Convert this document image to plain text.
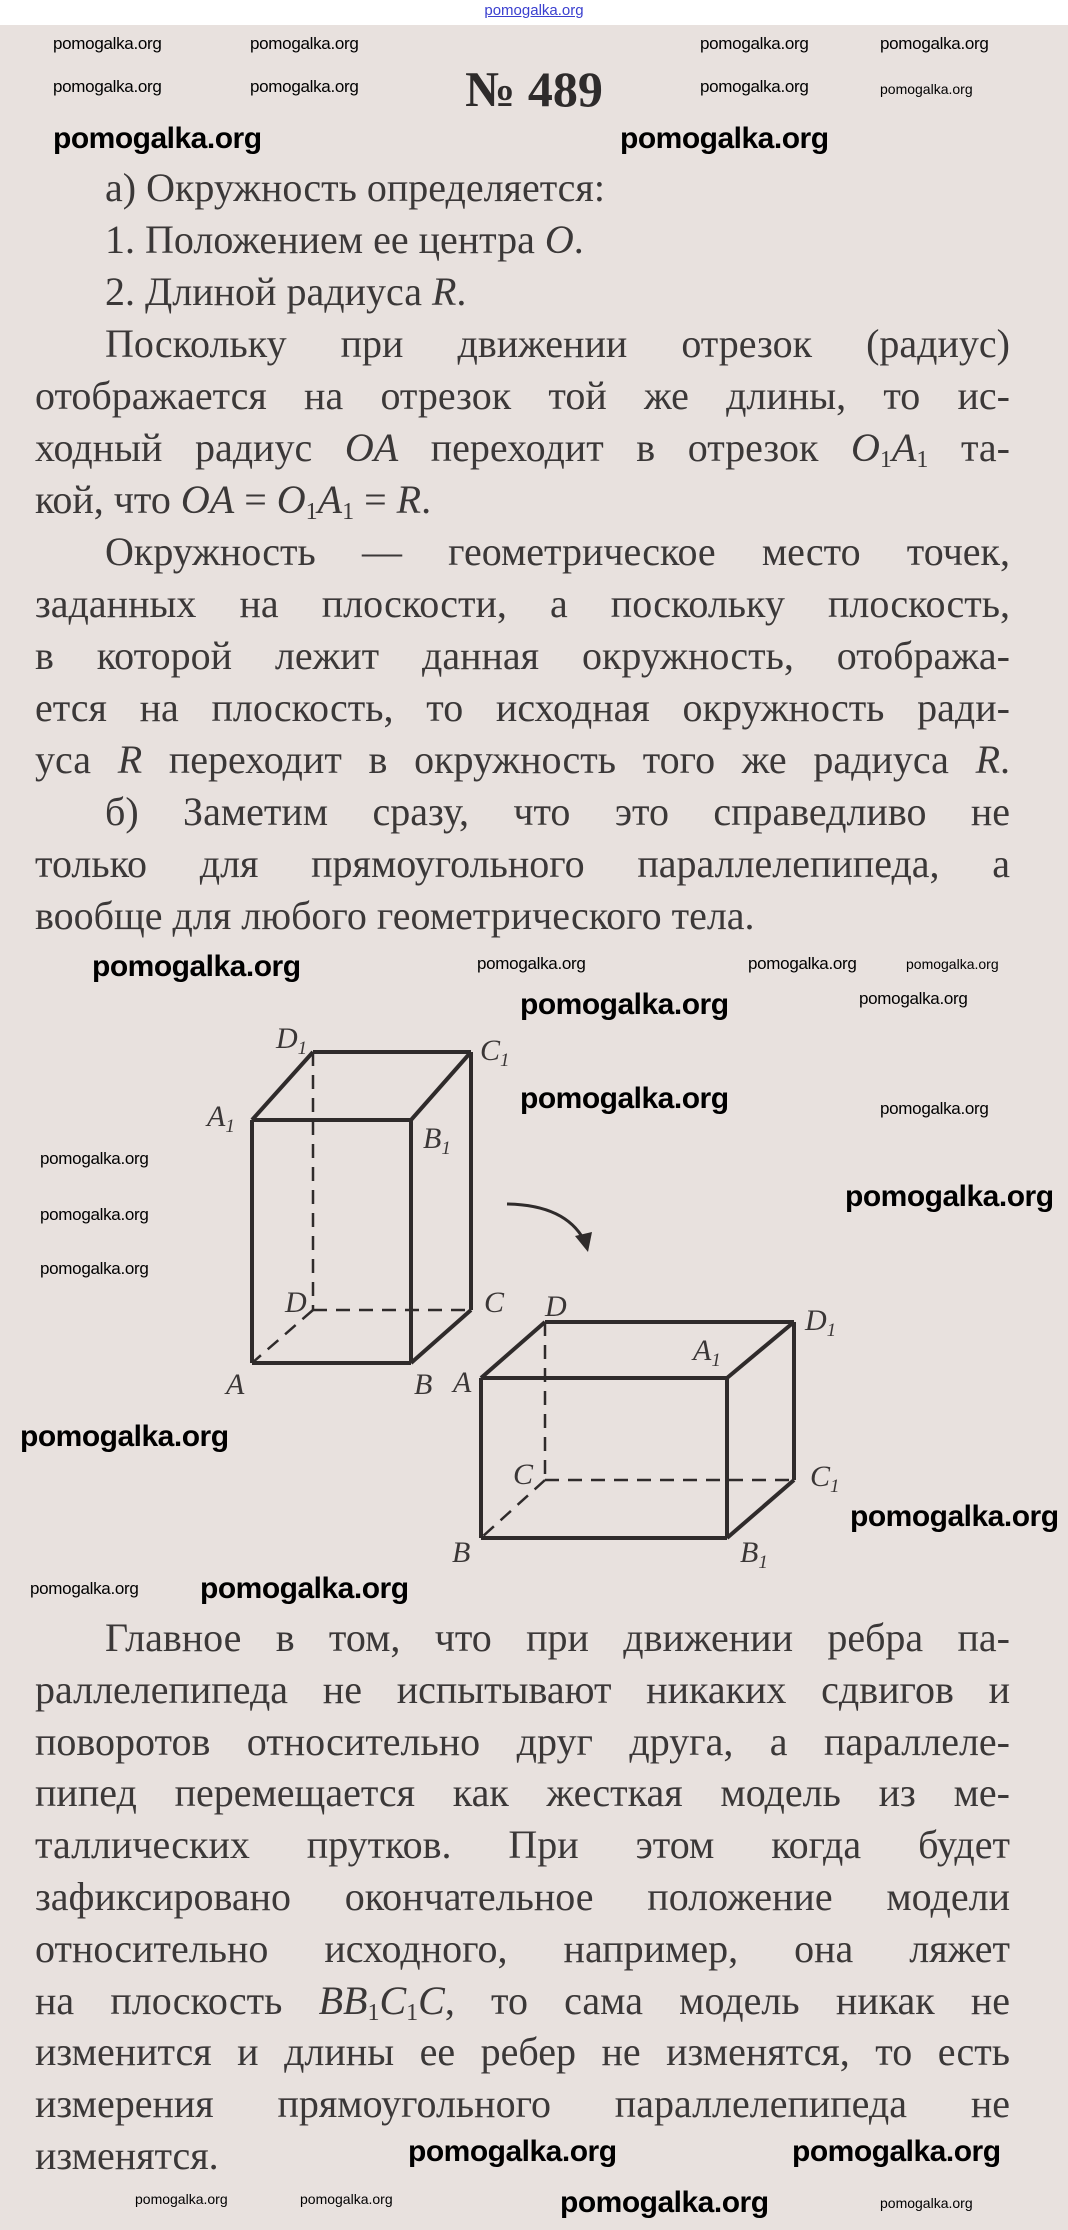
pomogalka.org
№ 489
а) Окружность определяется:
1. Положением ее центра O.
2. Длиной радиуса R.
Поскольку при движении отрезок (радиус)
отображается на отрезок той же длины, то ис-
ходный радиус OA переходит в отрезок O1A1 та-
кой, что OA = O1A1 = R.
Окружность — геометрическое место точек,
заданных на плоскости, а поскольку плоскость,
в которой лежит данная окружность, отобража-
ется на плоскость, то исходная окружность ради-
уса R переходит в окружность того же радиуса R.
б) Заметим сразу, что это справедливо не
только для прямоугольного параллелепипеда, а
вообще для любого геометрического тела.
$D_1$	$C_1$
$A_1$	$B_1$
D	C
A	B
D	$D_1$
A
$A_1$
C	$C_1$
B	$B_1$
Главное в том, что при движении ребра па-
раллелепипеда не испытывают никаких сдвигов и
поворотов относительно друг друга, а параллеле-
пипед перемещается как жесткая модель из ме-
таллических прутков. При этом когда будет
зафиксировано окончательное положение модели
относительно исходного, например, она ляжет
на плоскость BB1C1C, то сама модель никак не
изменится и длины ее ребер не изменятся, то есть
измерения прямоугольного параллелепипеда не
изменятся.
pomogalka.org	pomogalka.org	pomogalka.org	pomogalka.org
pomogalka.org	pomogalka.org	pomogalka.org	pomogalka.org
pomogalka.org	pomogalka.org
pomogalka.org	pomogalka.org	pomogalka.org	pomogalka.org
pomogalka.org	pomogalka.org
pomogalka.org	pomogalka.org
pomogalka.org
pomogalka.org
pomogalka.org
pomogalka.org
pomogalka.org
pomogalka.org
pomogalka.org pomogalka.org
pomogalka.org	pomogalka.org
pomogalka.org	pomogalka.org	pomogalka.org	pomogalka.org
